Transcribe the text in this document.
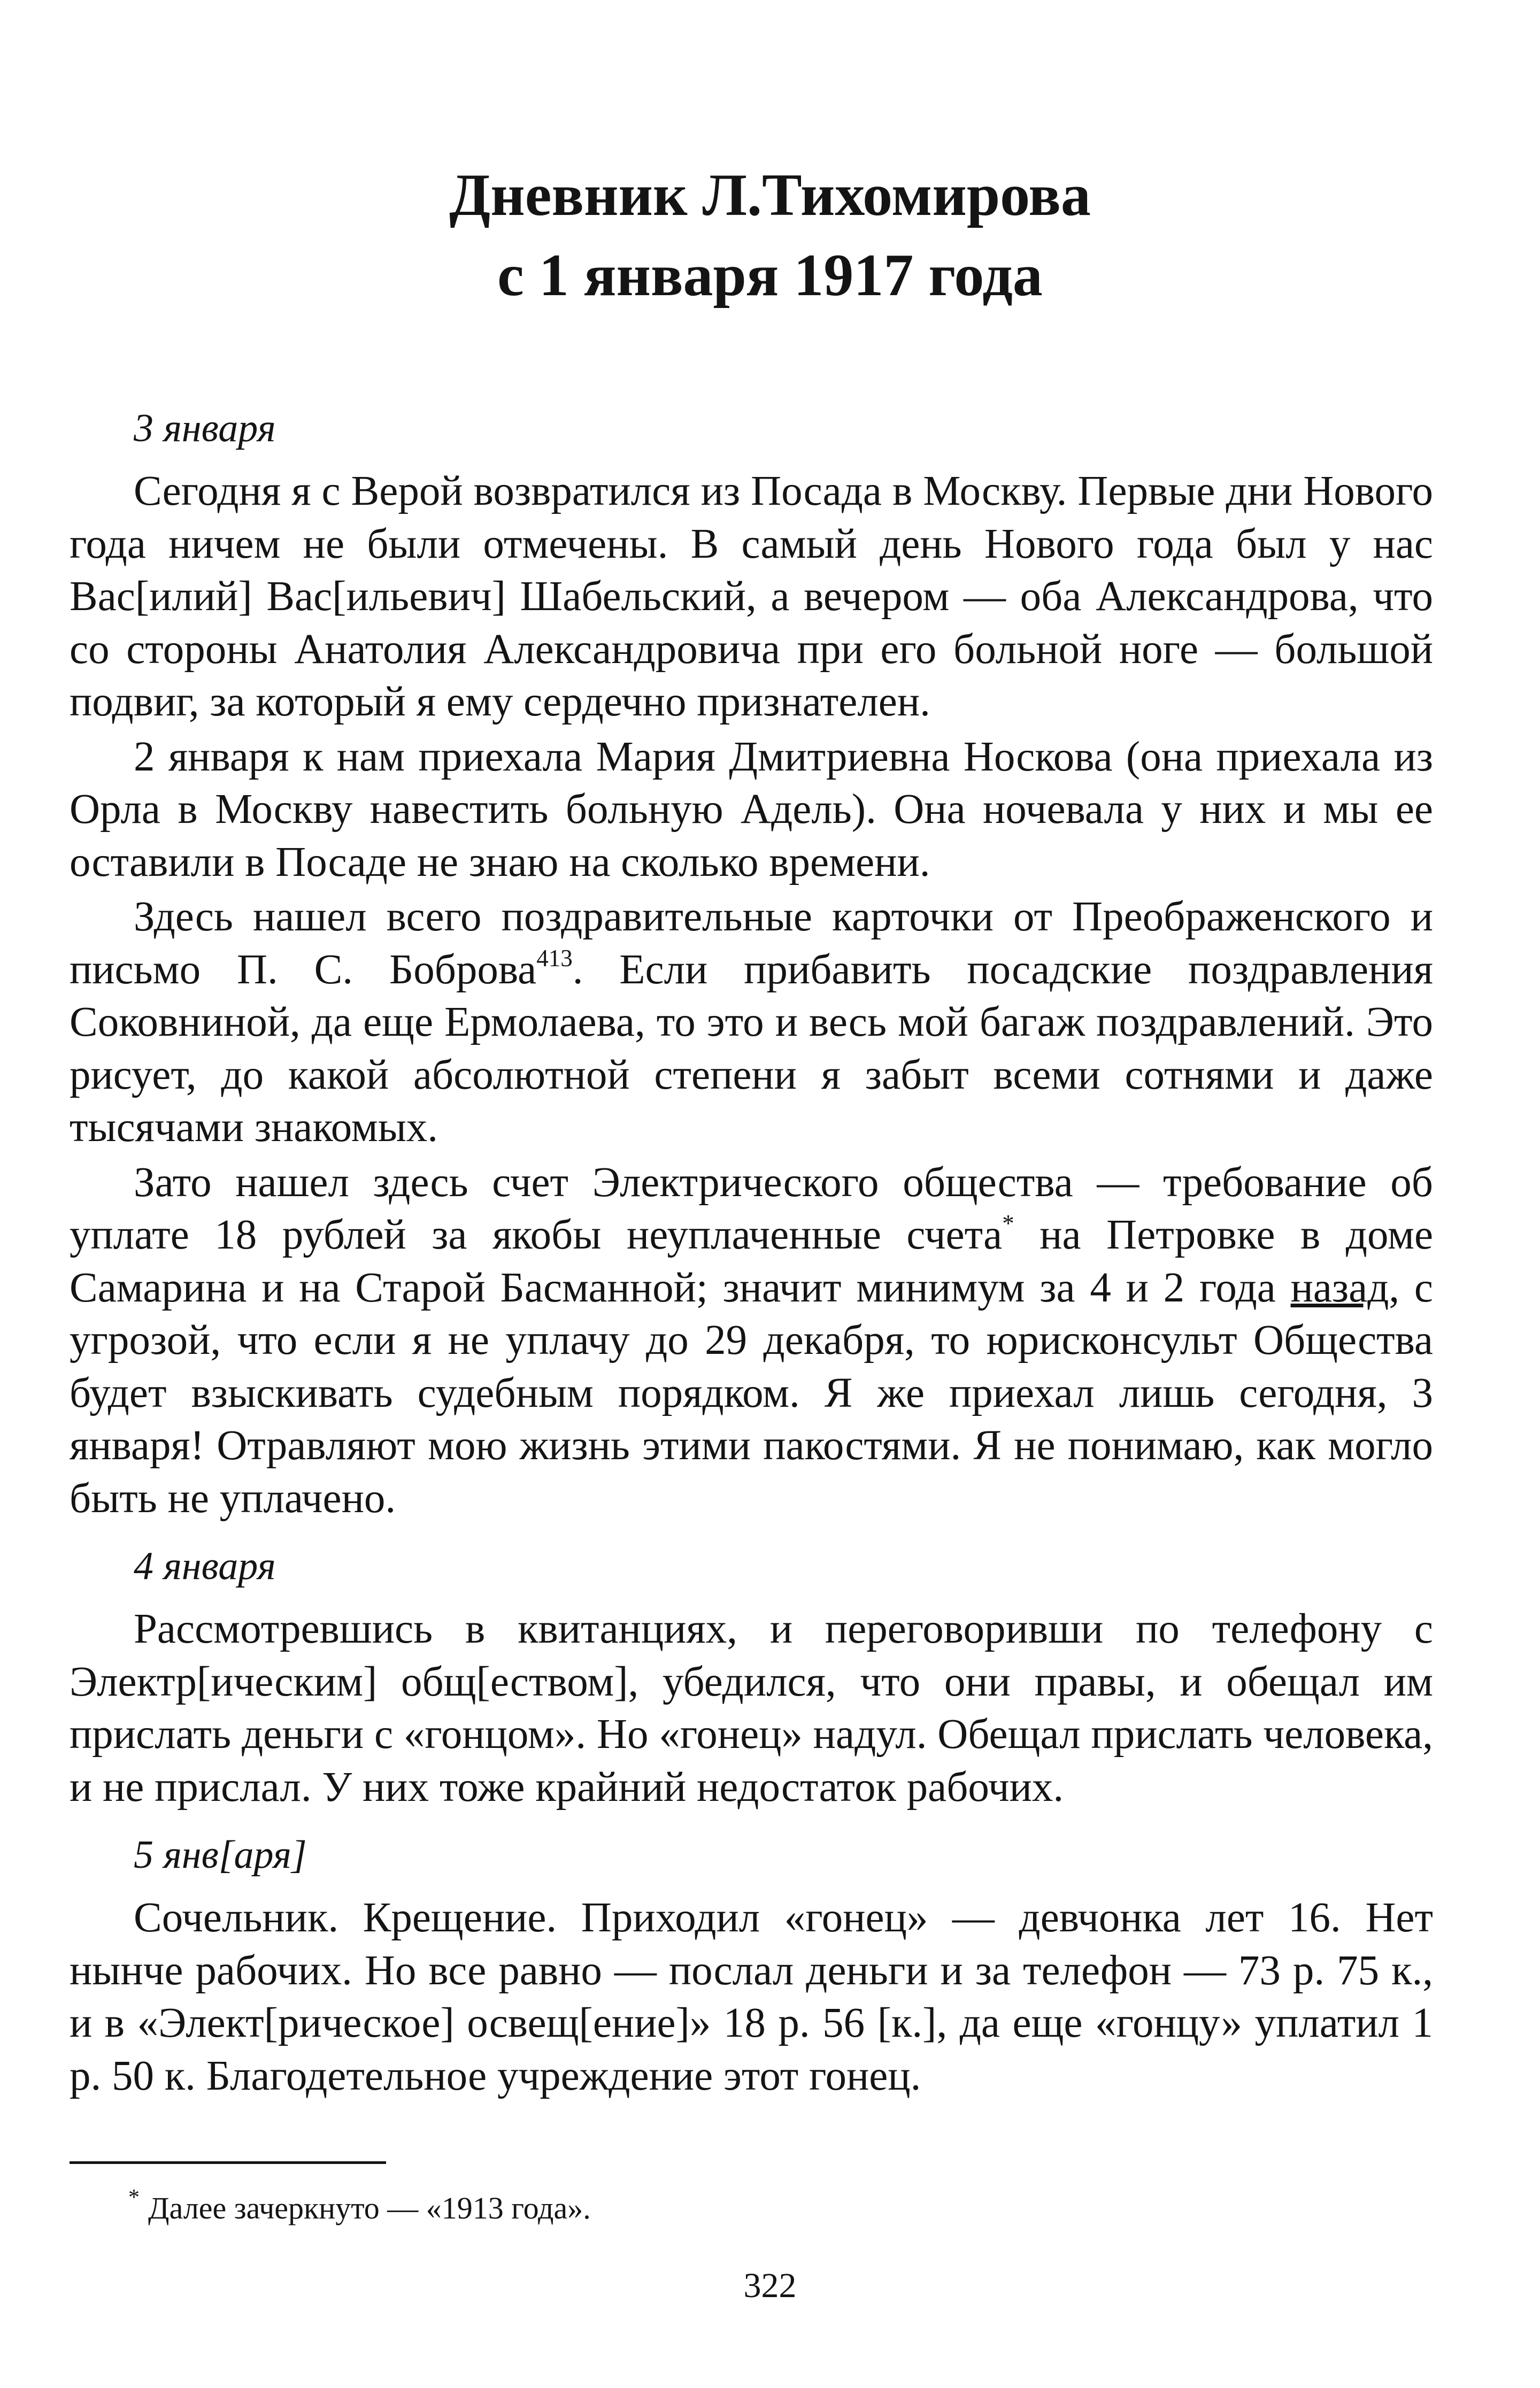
Дневник Л.Тихомирова
с 1 января 1917 года
3 января

Сегодня я с Верой возвратился из Посада в Москву. Первые дни Нового года ничем не были отмечены. В самый день Нового года был у нас Вас[илий] Вас[ильевич] Шабельский, а вечером — оба Александрова, что со стороны Анатолия Александровича при его больной ноге — большой подвиг, за который я ему сердечно признателен.

2 января к нам приехала Мария Дмитриевна Носкова (она приехала из Орла в Москву навестить больную Адель). Она ночевала у них и мы ее оставили в Посаде не знаю на сколько времени.

Здесь нашел всего поздравительные карточки от Преображенского и письмо П. С. Боброва$^{413}$. Если прибавить посадские поздравления Соковниной, да еще Ермолаева, то это и весь мой багаж поздравлений. Это рисует, до какой абсолютной степени я забыт всеми сотнями и даже тысячами знакомых.

Зато нашел здесь счет Электрического общества — требование об уплате 18 рублей за якобы неуплаченные счета* на Петровке в доме Самарина и на Старой Басманной; значит минимум за 4 и 2 года назад, с угрозой, что если я не уплачу до 29 декабря, то юрисконсульт Общества будет взыскивать судебным порядком. Я же приехал лишь сегодня, 3 января! Отравляют мою жизнь этими пакостями. Я не понимаю, как могло быть не уплачено.

4 января

Рассмотревшись в квитанциях, и переговоривши по телефону с Электр[ическим] общ[еством], убедился, что они правы, и обещал им прислать деньги с «гонцом». Но «гонец» надул. Обещал прислать человека, и не прислал. У них тоже крайний недостаток рабочих.

5 янв[аря]

Сочельник. Крещение. Приходил «гонец» — девчонка лет 16. Нет нынче рабочих. Но все равно — послал деньги и за телефон — 73 р. 75 к., и в «Элект[рическое] освещ[ение]» 18 р. 56 [к.], да еще «гонцу» уплатил 1 р. 50 к. Благодетельное учреждение этот гонец.

* Далее зачеркнуто — «1913 года».
322
